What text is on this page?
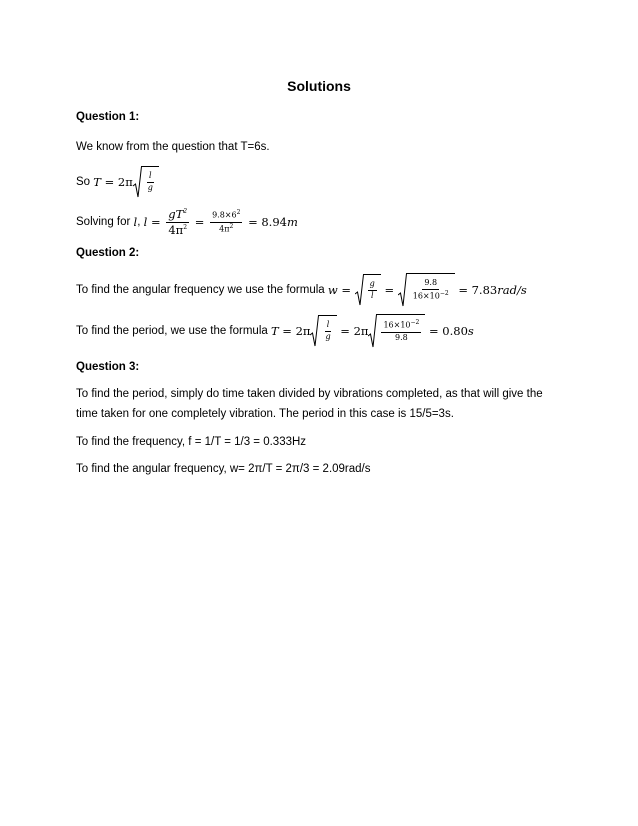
Solutions
Question 1:
We know from the question that T=6s.
So $T = 2\pi \frac{l}{g}$
Solving for l , $l = \frac{gT^2}{4\pi^2} = \frac{9.8\times 6^2}{4\pi^2} = 8.94$ m
Question 2:
To find the angular frequency we use the formula $w = \frac{g}{l} = \frac{9.8}{16\times 10^{-2}} = 7.83$ rad/s
To find the period, we use the formula $T = 2\pi \frac{l}{g} = 2\pi \frac{16\times 10^{-2}}{9.8} = 0.80$ s
Question 3:
To find the period, simply do time taken divided by vibrations completed, as that will give the
time taken for one completely vibration. The period in this case is 15/5=3s.
To find the frequency, f = 1/T = 1/3 = 0.333Hz
To find the angular frequency, w= 2π/T = 2π/3 = 2.09rad/s
